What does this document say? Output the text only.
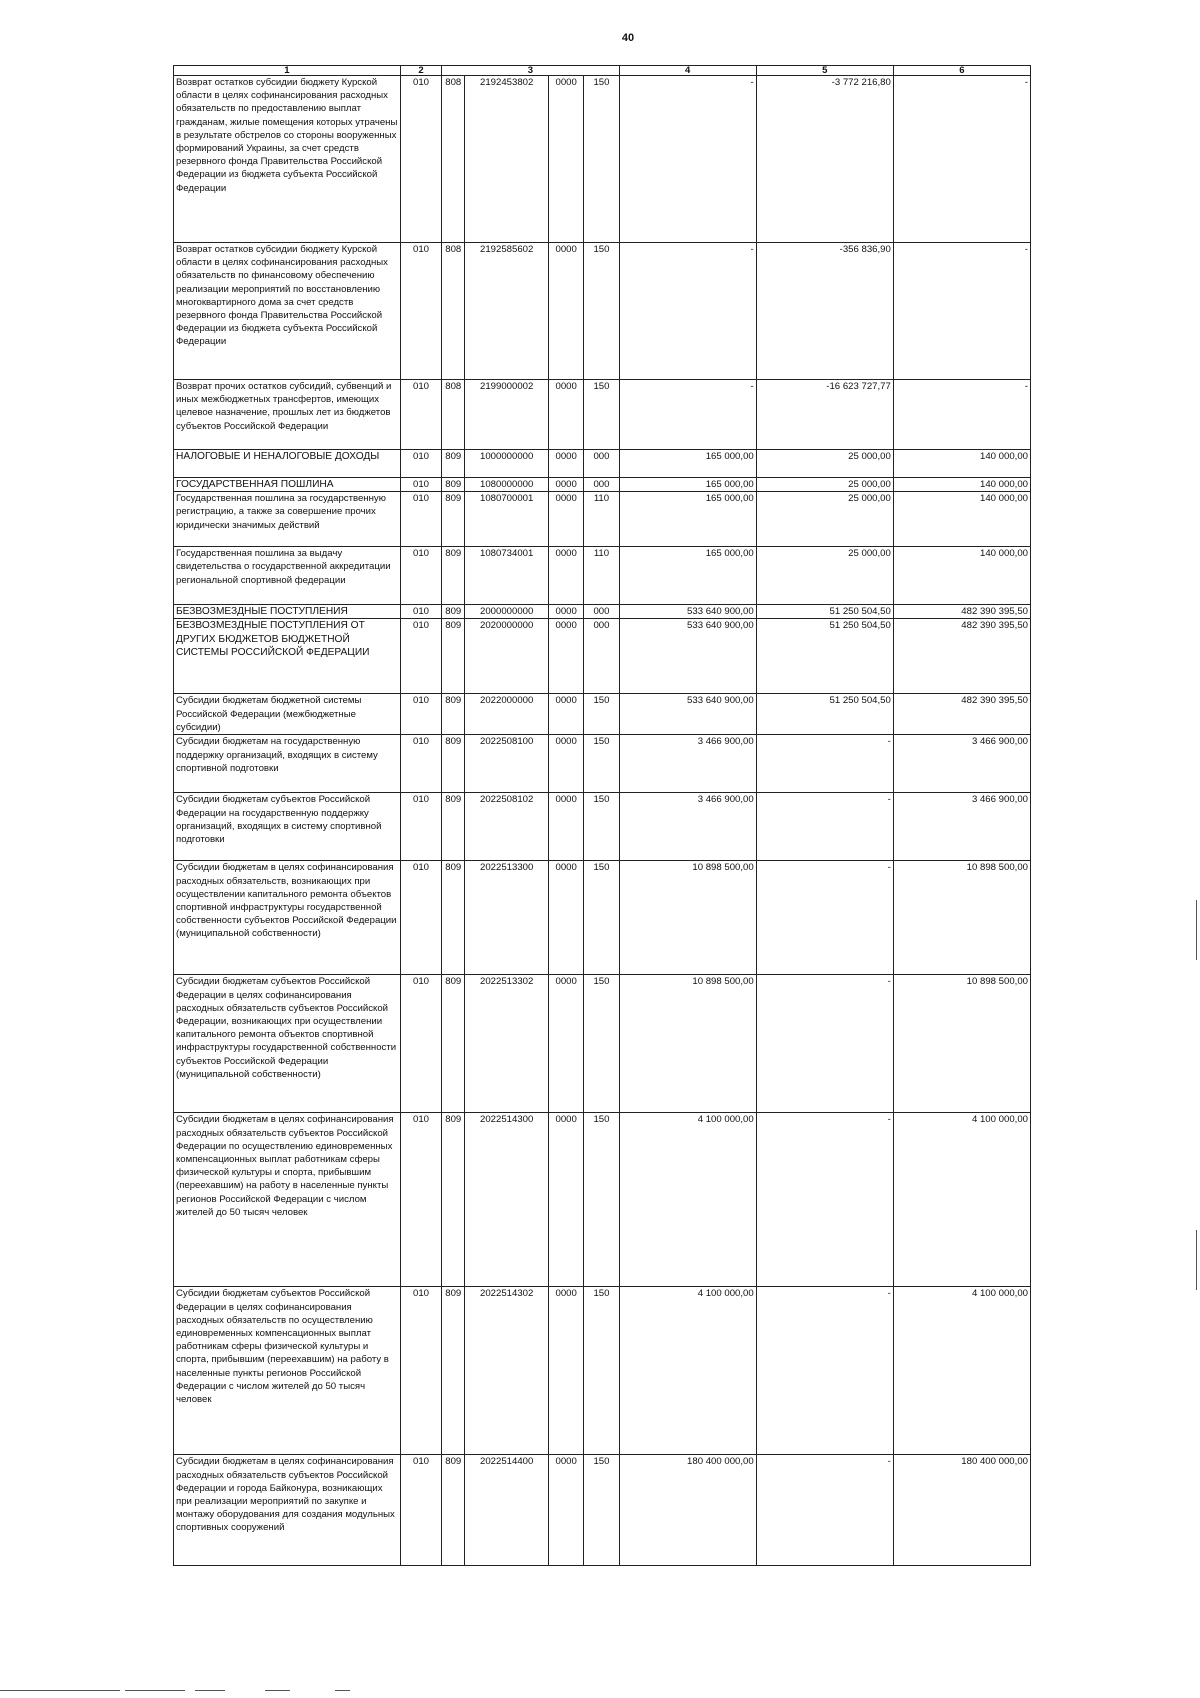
40
1	2	3				4	5	6
Возврат остатков субсидии бюджету Курской области в целях софинансирования расходных обязательств по предоставлению выплат гражданам, жилые помещения которых утрачены в результате обстрелов со стороны вооруженных формирований Украины, за счет средств резервного фонда Правительства Российской Федерации из бюджета субъекта Российской Федерации	010	808	2192453802	0000	150	-	-3 772 216,80	-
Возврат остатков субсидии бюджету Курской области в целях софинансирования расходных обязательств по финансовому обеспечению реализации мероприятий по восстановлению многоквартирного дома за счет средств резервного фонда Правительства Российской Федерации из бюджета субъекта Российской Федерации	010	808	2192585602	0000	150	-	-356 836,90	-
Возврат прочих остатков субсидий, субвенций и иных межбюджетных трансфертов, имеющих целевое назначение, прошлых лет из бюджетов субъектов Российской Федерации	010	808	2199000002	0000	150	-	-16 623 727,77	-
НАЛОГОВЫЕ И НЕНАЛОГОВЫЕ ДОХОДЫ	010	809	1000000000	0000	000	165 000,00	25 000,00	140 000,00
ГОСУДАРСТВЕННАЯ ПОШЛИНА	010	809	1080000000	0000	000	165 000,00	25 000,00	140 000,00
Государственная пошлина за государственную регистрацию, а также за совершение прочих юридически значимых действий	010	809	1080700001	0000	110	165 000,00	25 000,00	140 000,00
Государственная пошлина за выдачу свидетельства о государственной аккредитации региональной спортивной федерации	010	809	1080734001	0000	110	165 000,00	25 000,00	140 000,00
БЕЗВОЗМЕЗДНЫЕ ПОСТУПЛЕНИЯ	010	809	2000000000	0000	000	533 640 900,00	51 250 504,50	482 390 395,50
БЕЗВОЗМЕЗДНЫЕ ПОСТУПЛЕНИЯ ОТ ДРУГИХ БЮДЖЕТОВ БЮДЖЕТНОЙ СИСТЕМЫ РОССИЙСКОЙ ФЕДЕРАЦИИ	010	809	2020000000	0000	000	533 640 900,00	51 250 504,50	482 390 395,50
Субсидии бюджетам бюджетной системы Российской Федерации (межбюджетные субсидии)	010	809	2022000000	0000	150	533 640 900,00	51 250 504,50	482 390 395,50
Субсидии бюджетам на государственную поддержку организаций, входящих в систему спортивной подготовки	010	809	2022508100	0000	150	3 466 900,00	-	3 466 900,00
Субсидии бюджетам субъектов Российской Федерации на государственную поддержку организаций, входящих в систему спортивной подготовки	010	809	2022508102	0000	150	3 466 900,00	-	3 466 900,00
Субсидии бюджетам в целях софинансирования расходных обязательств, возникающих при осуществлении капитального ремонта объектов спортивной инфраструктуры государственной собственности субъектов Российской Федерации (муниципальной собственности)	010	809	2022513300	0000	150	10 898 500,00	-	10 898 500,00
Субсидии бюджетам субъектов Российской Федерации в целях софинансирования расходных обязательств субъектов Российской Федерации, возникающих при осуществлении капитального ремонта объектов спортивной инфраструктуры государственной собственности субъектов Российской Федерации (муниципальной собственности)	010	809	2022513302	0000	150	10 898 500,00	-	10 898 500,00
Субсидии бюджетам в целях софинансирования расходных обязательств субъектов Российской Федерации по осуществлению единовременных компенсационных выплат работникам сферы физической культуры и спорта, прибывшим (переехавшим) на работу в населенные пункты регионов Российской Федерации с числом жителей до 50 тысяч человек	010	809	2022514300	0000	150	4 100 000,00	-	4 100 000,00
Субсидии бюджетам субъектов Российской Федерации в целях софинансирования расходных обязательств по осуществлению единовременных компенсационных выплат работникам сферы физической культуры и спорта, прибывшим (переехавшим) на работу в населенные пункты регионов Российской Федерации с числом жителей до 50 тысяч человек	010	809	2022514302	0000	150	4 100 000,00	-	4 100 000,00
Субсидии бюджетам в целях софинансирования расходных обязательств субъектов Российской Федерации и города Байконура, возникающих при реализации мероприятий по закупке и монтажу оборудования для создания модульных спортивных сооружений	010	809	2022514400	0000	150	180 400 000,00	-	180 400 000,00
